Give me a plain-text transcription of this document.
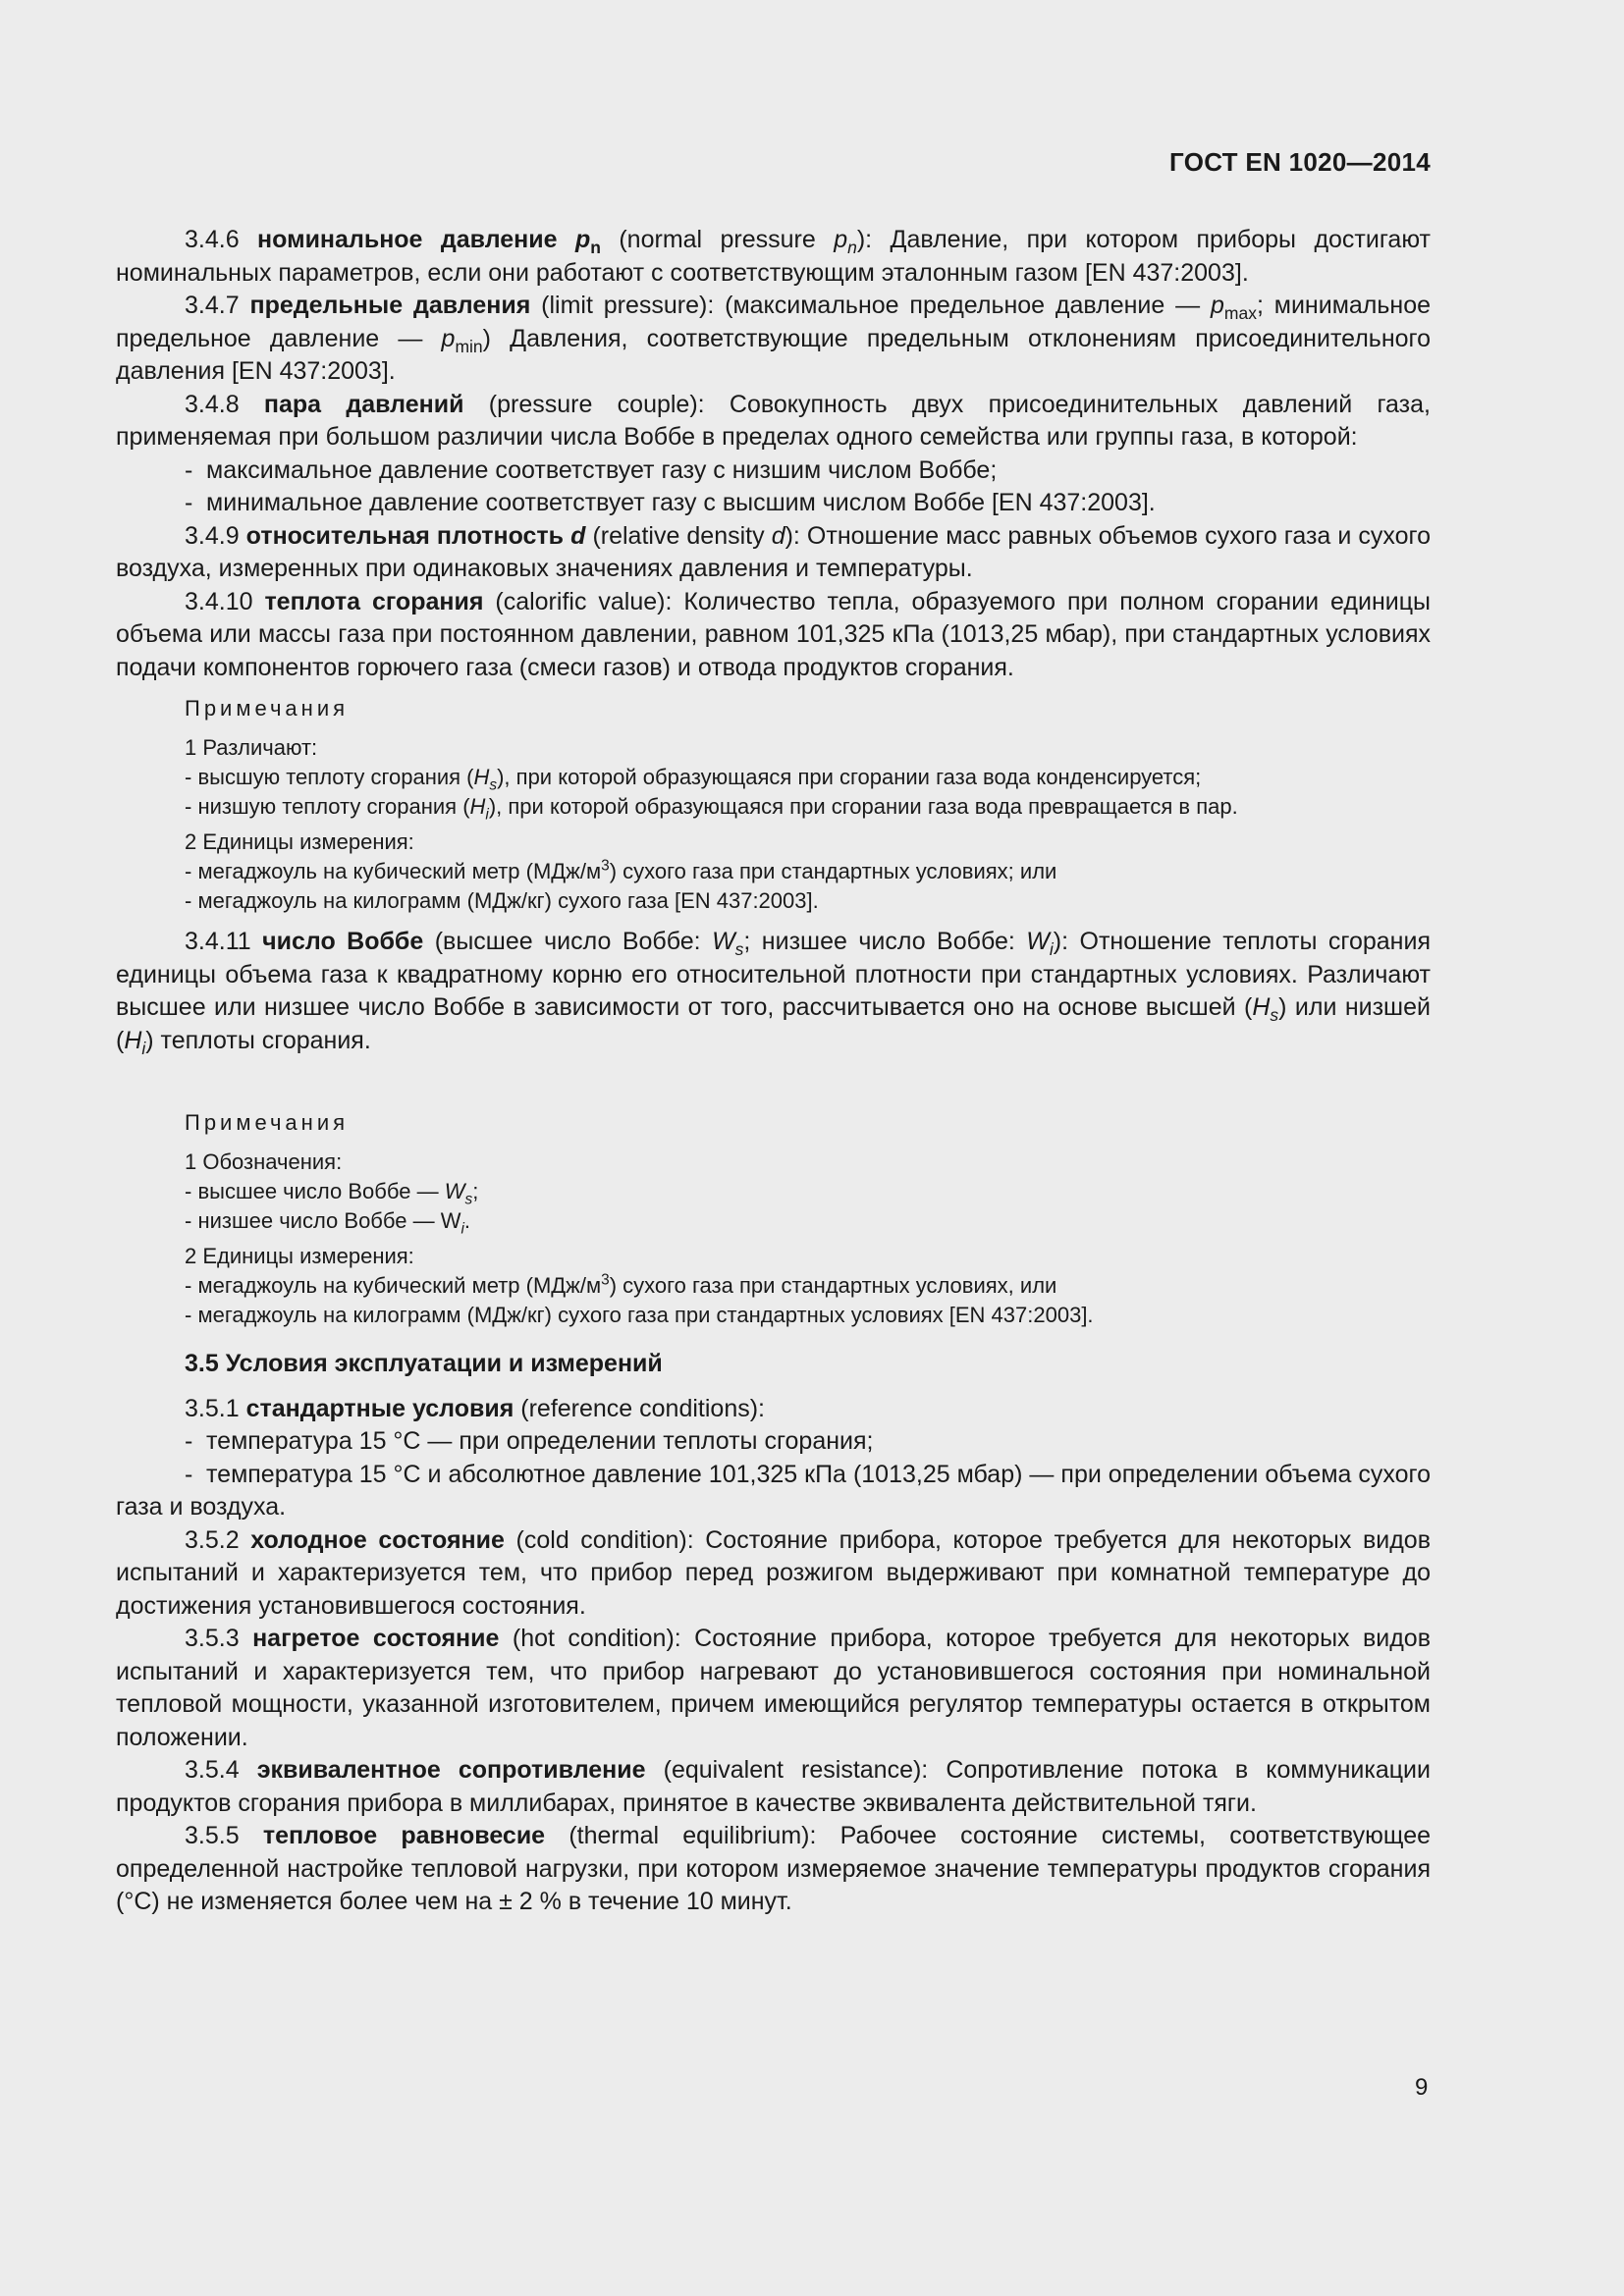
ГОСТ EN 1020—2014

3.4.6 номинальное давление $p_n$ (normal pressure $p_n$): Давление, при котором приборы достигают номинальных параметров, если они работают с соответствующим эталонным газом [EN 437:2003].

3.4.7 предельные давления (limit pressure): (максимальное предельное давление — $p_{max}$; минимальное предельное давление — $p_{min}$) Давления, соответствующие предельным отклонениям присоединительного давления [EN 437:2003].

3.4.8 пара давлений (pressure couple): Совокупность двух присоединительных давлений газа, применяемая при большом различии числа Воббе в пределах одного семейства или группы газа, в которой:

- максимальное давление соответствует газу с низшим числом Воббе;
- минимальное давление соответствует газу с высшим числом Воббе [EN 437:2003].

3.4.9 относительная плотность d (relative density d): Отношение масс равных объемов сухого газа и сухого воздуха, измеренных при одинаковых значениях давления и температуры.

3.4.10 теплота сгорания (calorific value): Количество тепла, образуемого при полном сгорании единицы объема или массы газа при постоянном давлении, равном 101,325 кПа (1013,25 мбар), при стандартных условиях подачи компонентов горючего газа (смеси газов) и отвода продуктов сгорания.

Примечания
1 Различают:
- высшую теплоту сгорания $(H_s)$, при которой образующаяся при сгорании газа вода конденсируется;
- низшую теплоту сгорания $(H_i)$, при которой образующаяся при сгорании газа вода превращается в пар.
2 Единицы измерения:
- мегаджоуль на кубический метр $(МДж/м^3)$ сухого газа при стандартных условиях; или
- мегаджоуль на килограмм (МДж/кг) сухого газа [EN 437:2003].

3.4.11 число Воббе (высшее число Воббе: $W_s$; низшее число Воббе: $W_i$): Отношение теплоты сгорания единицы объема газа к квадратному корню его относительной плотности при стандартных условиях. Различают высшее или низшее число Воббе в зависимости от того, рассчитывается оно на основе высшей $(H_s)$ или низшей $(H_i)$ теплоты сгорания.

Примечания
1 Обозначения:
- высшее число Воббе — $W_s$;
- низшее число Воббе — $W_i$.
2 Единицы измерения:
- мегаджоуль на кубический метр $(МДж/м^3)$ сухого газа при стандартных условиях, или
- мегаджоуль на килограмм (МДж/кг) сухого газа при стандартных условиях [EN 437:2003].
3.5 Условия эксплуатации и измерений

3.5.1 стандартные условия (reference conditions):

- температура 15 °С — при определении теплоты сгорания;

- температура 15 °С и абсолютное давление 101,325 кПа (1013,25 мбар) — при определении объема сухого газа и воздуха.

3.5.2 холодное состояние (cold condition): Состояние прибора, которое требуется для некоторых видов испытаний и характеризуется тем, что прибор перед розжигом выдерживают при комнатной температуре до достижения установившегося состояния.

3.5.3 нагретое состояние (hot condition): Состояние прибора, которое требуется для некоторых видов испытаний и характеризуется тем, что прибор нагревают до установившегося состояния при номинальной тепловой мощности, указанной изготовителем, причем имеющийся регулятор температуры остается в открытом положении.

3.5.4 эквивалентное сопротивление (equivalent resistance): Сопротивление потока в коммуникации продуктов сгорания прибора в миллибарах, принятое в качестве эквивалента действительной тяги.

3.5.5 тепловое равновесие (thermal equilibrium): Рабочее состояние системы, соответствующее определенной настройке тепловой нагрузки, при котором измеряемое значение температуры продуктов сгорания (°С) не изменяется более чем на ± 2 % в течение 10 минут.

9
